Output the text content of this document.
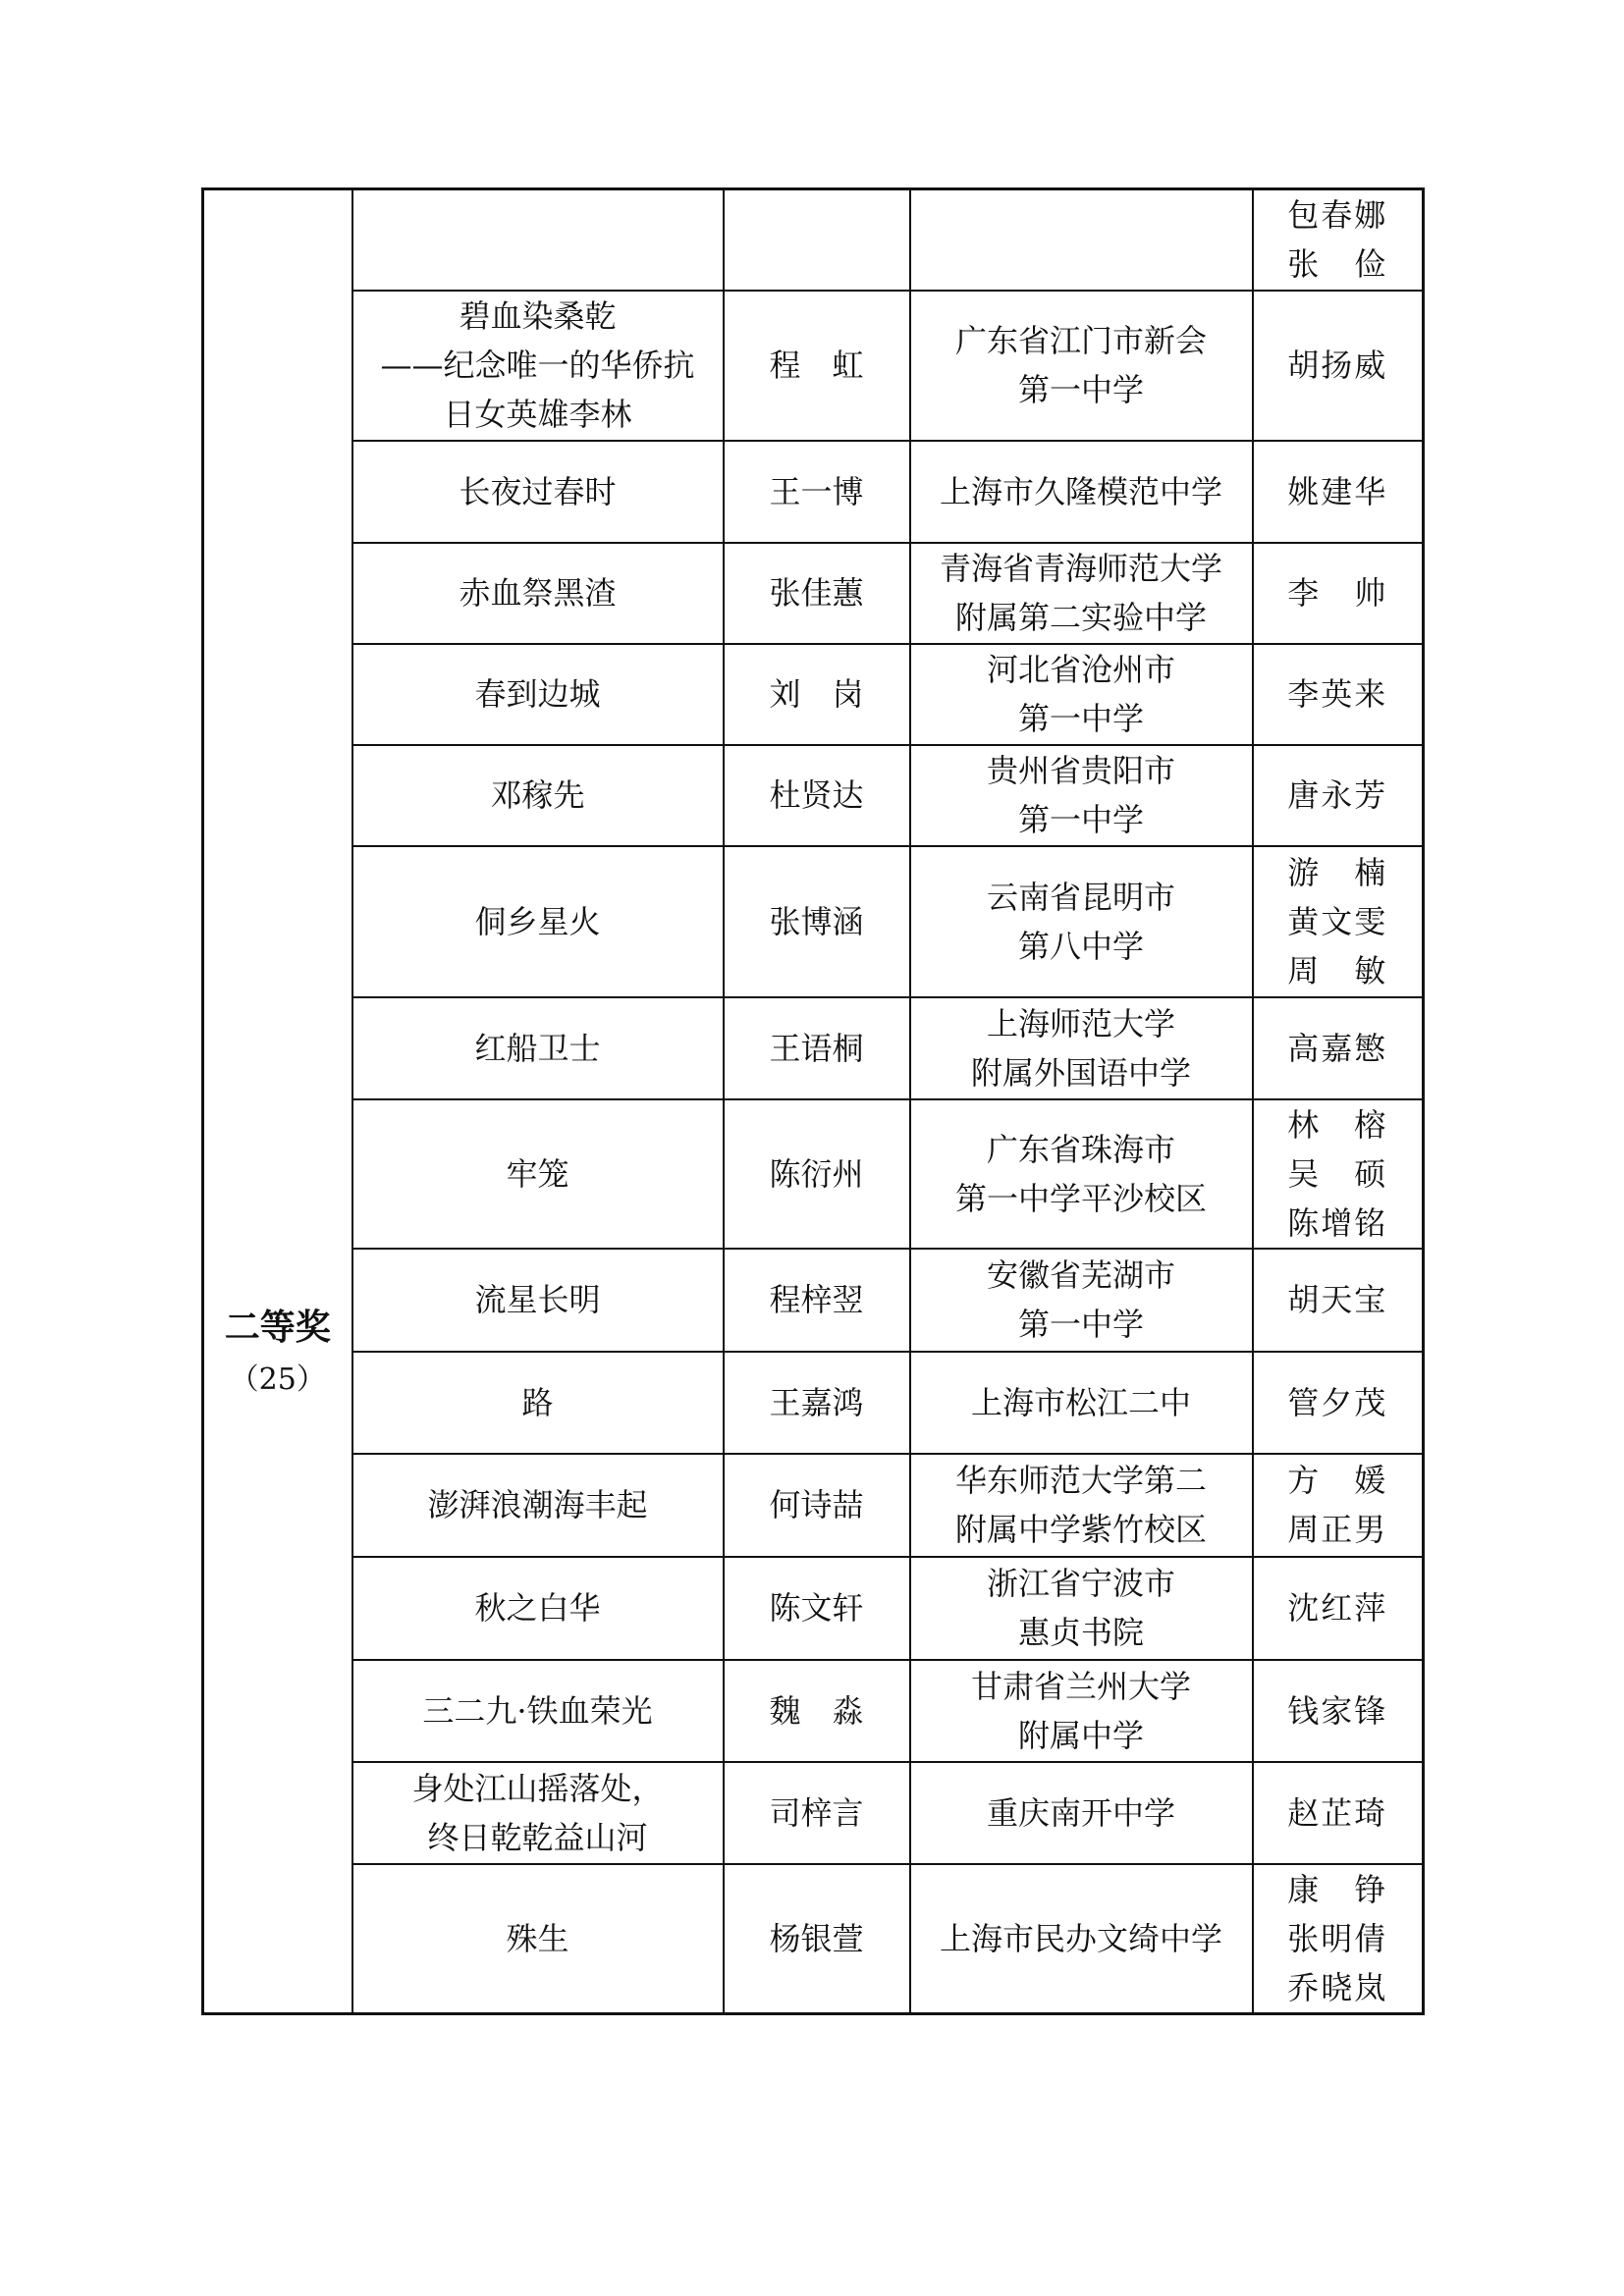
二等奖
（25）				包春娜
张　俭

	碧血染桑乾
——纪念唯一的华侨抗
日女英雄李林	程　虹	广东省江门市新会
第一中学	胡扬威

	长夜过春时	王一博	上海市久隆模范中学	姚建华

	赤血祭黑渣	张佳蕙	青海省青海师范大学
附属第二实验中学	李　帅

	春到边城	刘　岗	河北省沧州市
第一中学	李英来

	邓稼先	杜贤达	贵州省贵阳市
第一中学	唐永芳

	侗乡星火	张博涵	云南省昆明市
第八中学	游　楠
黄文雯
周　敏

	红船卫士	王语桐	上海师范大学
附属外国语中学	高嘉慜

	牢笼	陈衍州	广东省珠海市
第一中学平沙校区	林　榕
吴　硕
陈增铭

	流星长明	程梓翌	安徽省芜湖市
第一中学	胡天宝

	路	王嘉鸿	上海市松江二中	管夕茂

	澎湃浪潮海丰起	何诗喆	华东师范大学第二
附属中学紫竹校区	方　媛
周正男

	秋之白华	陈文轩	浙江省宁波市
惠贞书院	沈红萍

	三二九·铁血荣光	魏　淼	甘肃省兰州大学
附属中学	钱家锋

	身处江山摇落处，
终日乾乾益山河	司梓言	重庆南开中学	赵芷琦

	殊生	杨银萱	上海市民办文绮中学	康　铮
张明倩
乔晓岚
